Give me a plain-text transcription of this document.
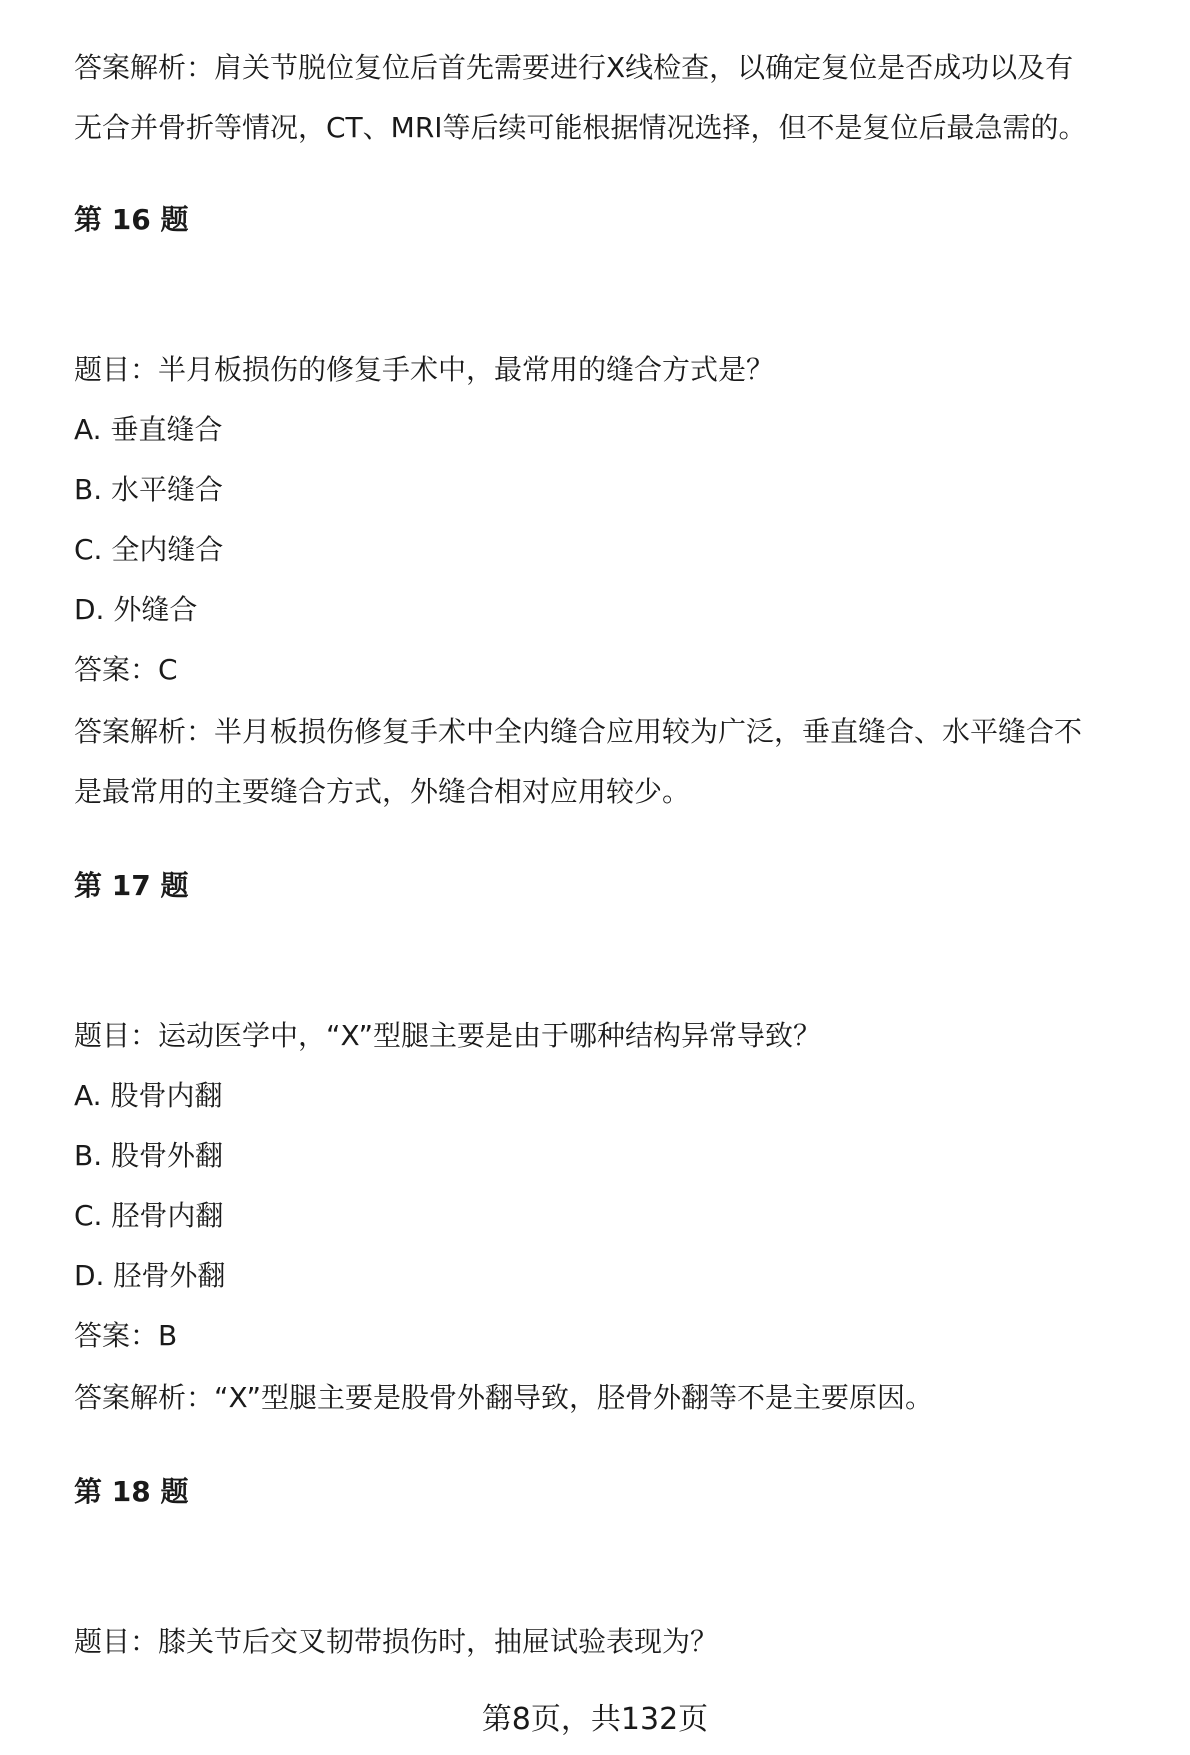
答案解析：肩关节脱位复位后首先需要进行X线检查，以确定复位是否成功以及有
无合并骨折等情况，CT、MRI等后续可能根据情况选择，但不是复位后最急需的。
第 16 题
题目：半月板损伤的修复手术中，最常用的缝合方式是？
A. 垂直缝合
B. 水平缝合
C. 全内缝合
D. 外缝合
答案：C
答案解析：半月板损伤修复手术中全内缝合应用较为广泛，垂直缝合、水平缝合不
是最常用的主要缝合方式，外缝合相对应用较少。
第 17 题
题目：运动医学中，“X”型腿主要是由于哪种结构异常导致？
A. 股骨内翻
B. 股骨外翻
C. 胫骨内翻
D. 胫骨外翻
答案：B
答案解析：“X”型腿主要是股骨外翻导致，胫骨外翻等不是主要原因。
第 18 题
题目：膝关节后交叉韧带损伤时，抽屉试验表现为？
第8页，共132页
